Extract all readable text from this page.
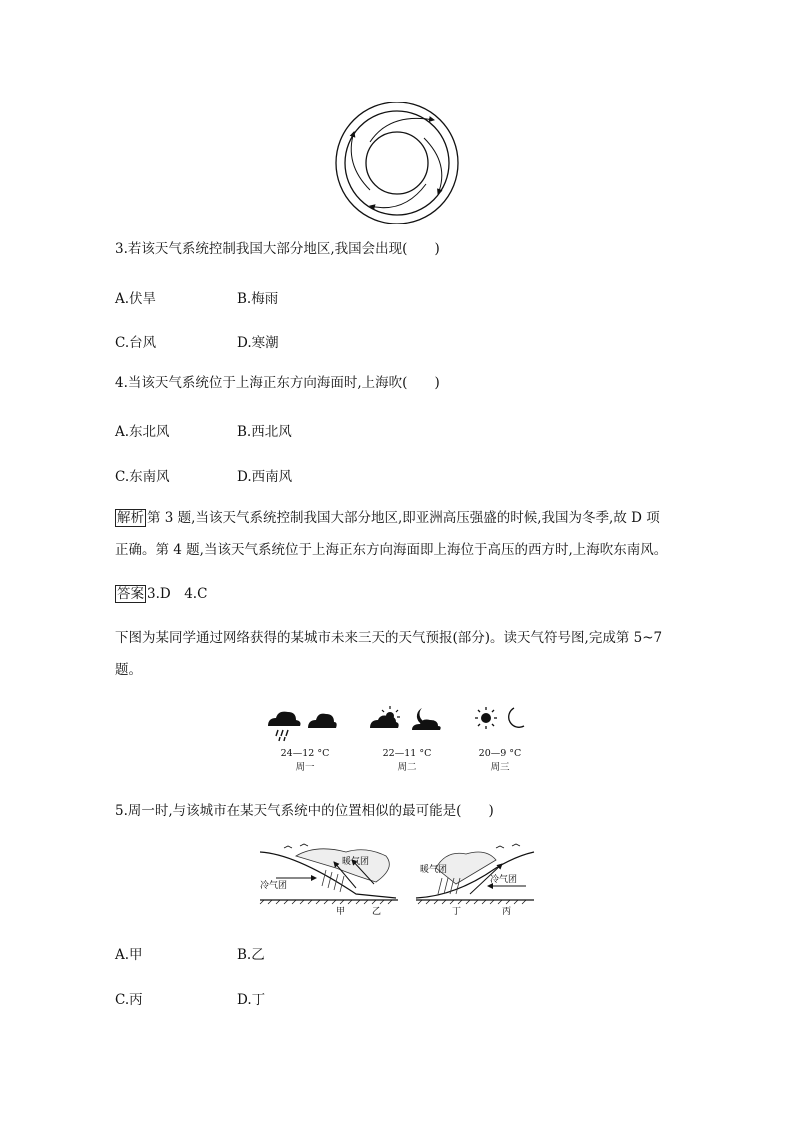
3.若该天气系统控制我国大部分地区,我国会出现(　　)
A.伏旱	B.梅雨
C.台风	D.寒潮
4.当该天气系统位于上海正东方向海面时,上海吹(　　)
A.东北风	B.西北风
C.东南风	D.西南风
解析 第 3 题,当该天气系统控制我国大部分地区,即亚洲高压强盛的时候,我国为冬季,故 D 项
正确。第 4 题,当该天气系统位于上海正东方向海面即上海位于高压的西方时,上海吹东南风。
答案 3.D　4.C
下图为某同学通过网络获得的某城市未来三天的天气预报(部分)。读天气符号图,完成第 5~7
题。
24—12 °C
周一
22—11 °C
周二
20—9 °C
周三
5.周一时,与该城市在某天气系统中的位置相似的最可能是(　　)
暖气团
冷气团
甲	乙
暖气团
冷气团
丁	丙
A.甲	B.乙
C.丙	D.丁
